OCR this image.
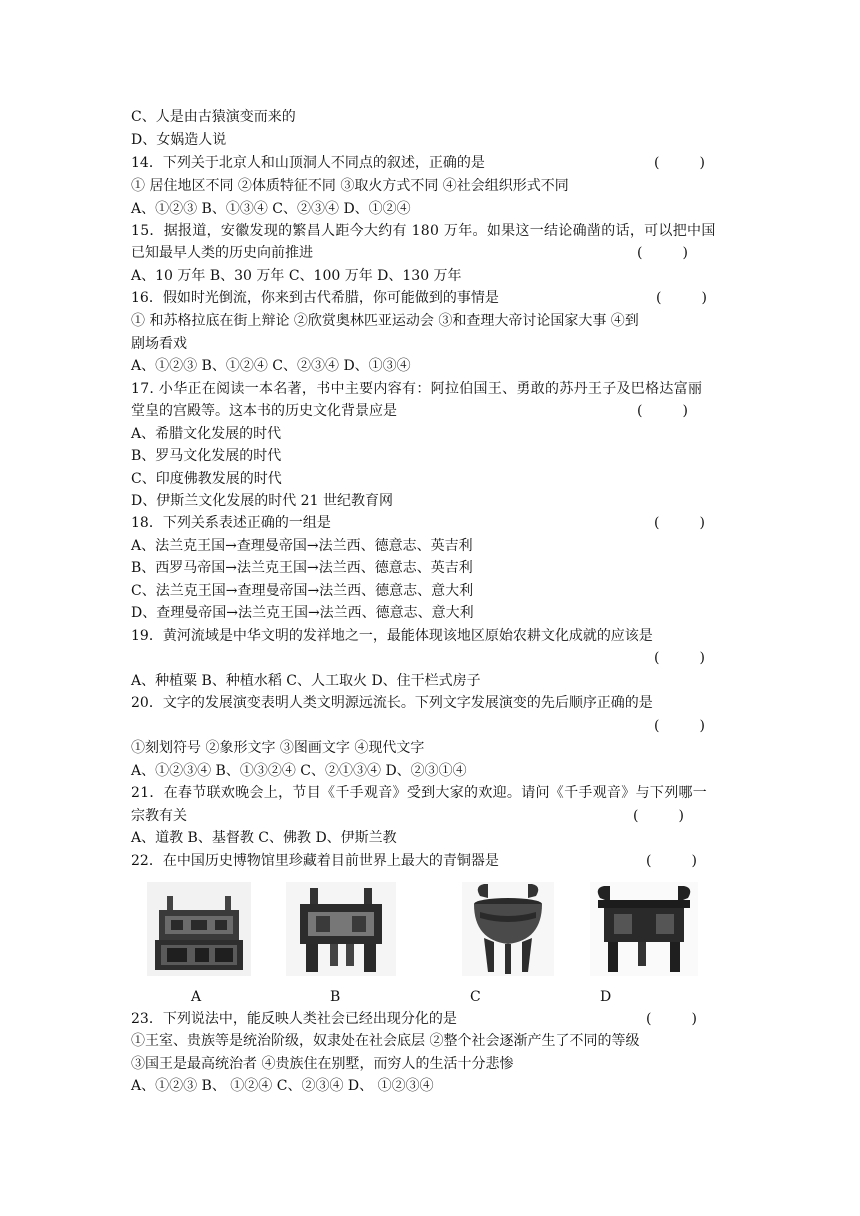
C、人是由古猿演变而来的
D、女娲造人说
14．下列关于北京人和山顶洞人不同点的叙述，正确的是	(         )
① 居住地区不同 ②体质特征不同 ③取火方式不同 ④社会组织形式不同
A、①②③ B、①③④ C、②③④ D、①②④
15．据报道，安徽发现的繁昌人距今大约有 180 万年。如果这一结论确凿的话，可以把中国
已知最早人类的历史向前推进	(         )
A、10 万年 B、30 万年 C、100 万年 D、130 万年
16．假如时光倒流，你来到古代希腊，你可能做到的事情是	(         )
① 和苏格拉底在街上辩论 ②欣赏奥林匹亚运动会 ③和查理大帝讨论国家大事 ④到
剧场看戏
A、①②③ B、①②④ C、②③④ D、①③④
17. 小华正在阅读一本名著，书中主要内容有：阿拉伯国王、勇敢的苏丹王子及巴格达富丽
堂皇的宫殿等。这本书的历史文化背景应是	(         )
A、希腊文化发展的时代
B、罗马文化发展的时代
C、印度佛教发展的时代
D、伊斯兰文化发展的时代 21 世纪教育网
18．下列关系表述正确的一组是	(         )
A、法兰克王国→查理曼帝国→法兰西、德意志、英吉利
B、西罗马帝国→法兰克王国→法兰西、德意志、英吉利
C、法兰克王国→查理曼帝国→法兰西、德意志、意大利
D、查理曼帝国→法兰克王国→法兰西、德意志、意大利
19．黄河流域是中华文明的发祥地之一，最能体现该地区原始农耕文化成就的应该是
(         )
A、种植粟 B、种植水稻 C、人工取火 D、住干栏式房子
20．文字的发展演变表明人类文明源远流长。下列文字发展演变的先后顺序正确的是
(         )
①刻划符号 ②象形文字 ③图画文字 ④现代文字
A、①②③④ B、①③②④ C、②①③④ D、②③①④
21．在春节联欢晚会上，节目《千手观音》受到大家的欢迎。请问《千手观音》与下列哪一
宗教有关	(         )
A、道教 B、基督教 C、佛教 D、伊斯兰教
22．在中国历史博物馆里珍藏着目前世界上最大的青铜器是	(         )
A	B	C	D
23．下列说法中，能反映人类社会已经出现分化的是	(         )
①王室、贵族等是统治阶级，奴隶处在社会底层 ②整个社会逐渐产生了不同的等级
③国王是最高统治者 ④贵族住在别墅，而穷人的生活十分悲惨
A、①②③ B、 ①②④ C、②③④ D、 ①②③④
